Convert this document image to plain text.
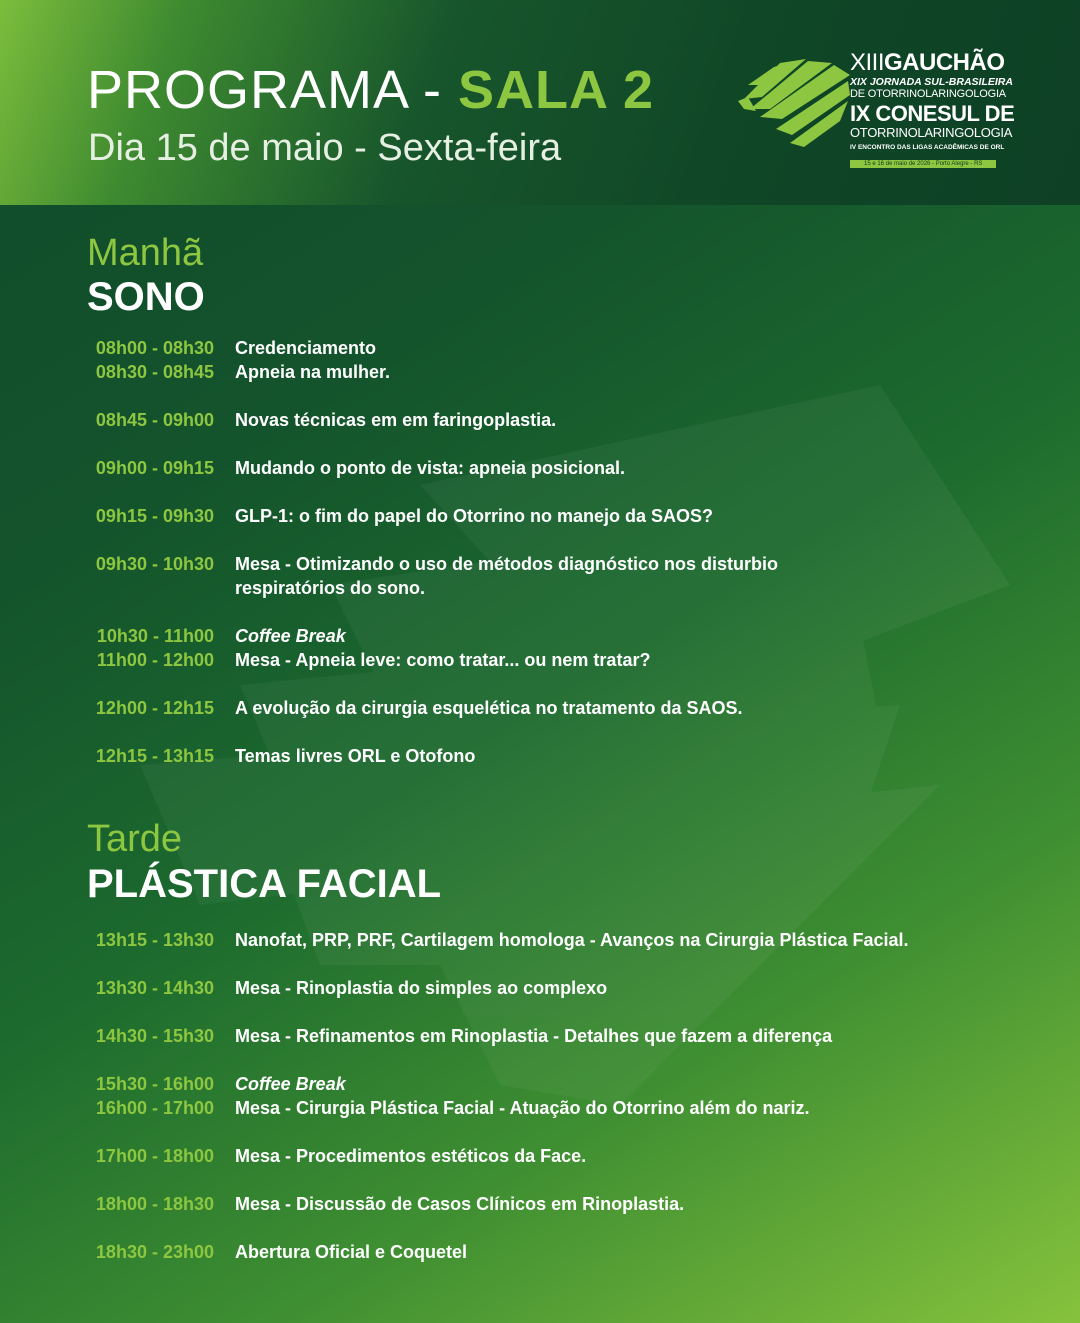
PROGRAMA - SALA 2
Dia 15 de maio - Sexta-feira
XIIIGAUCHÃO
XIX JORNADA SUL-BRASILEIRA
DE OTORRINOLARINGOLOGIA
IX CONESUL DE
OTORRINOLARINGOLOGIA
IV ENCONTRO DAS LIGAS ACADÊMICAS DE ORL
15 e 16 de maio de 2026 - Porto Alegre - RS
Manhã
SONO
08h00 - 08h30 Credenciamento
08h30 - 08h45 Apneia na mulher.
08h45 - 09h00 Novas técnicas em em faringoplastia.
09h00 - 09h15 Mudando o ponto de vista: apneia posicional.
09h15 - 09h30 GLP-1: o fim do papel do Otorrino no manejo da SAOS?
09h30 - 10h30 Mesa - Otimizando o uso de métodos diagnóstico nos disturbio
respiratórios do sono.
10h30 - 11h00 Coffee Break
11h00 - 12h00 Mesa - Apneia leve: como tratar... ou nem tratar?
12h00 - 12h15 A evolução da cirurgia esquelética no tratamento da SAOS.
12h15 - 13h15 Temas livres ORL e Otofono
Tarde
PLÁSTICA FACIAL
13h15 - 13h30 Nanofat, PRP, PRF, Cartilagem homologa - Avanços na Cirurgia Plástica Facial.
13h30 - 14h30 Mesa - Rinoplastia do simples ao complexo
14h30 - 15h30 Mesa - Refinamentos em Rinoplastia - Detalhes que fazem a diferença
15h30 - 16h00 Coffee Break
16h00 - 17h00 Mesa - Cirurgia Plástica Facial - Atuação do Otorrino além do nariz.
17h00 - 18h00 Mesa - Procedimentos estéticos da Face.
18h00 - 18h30 Mesa - Discussão de Casos Clínicos em Rinoplastia.
18h30 - 23h00 Abertura Oficial e Coquetel
